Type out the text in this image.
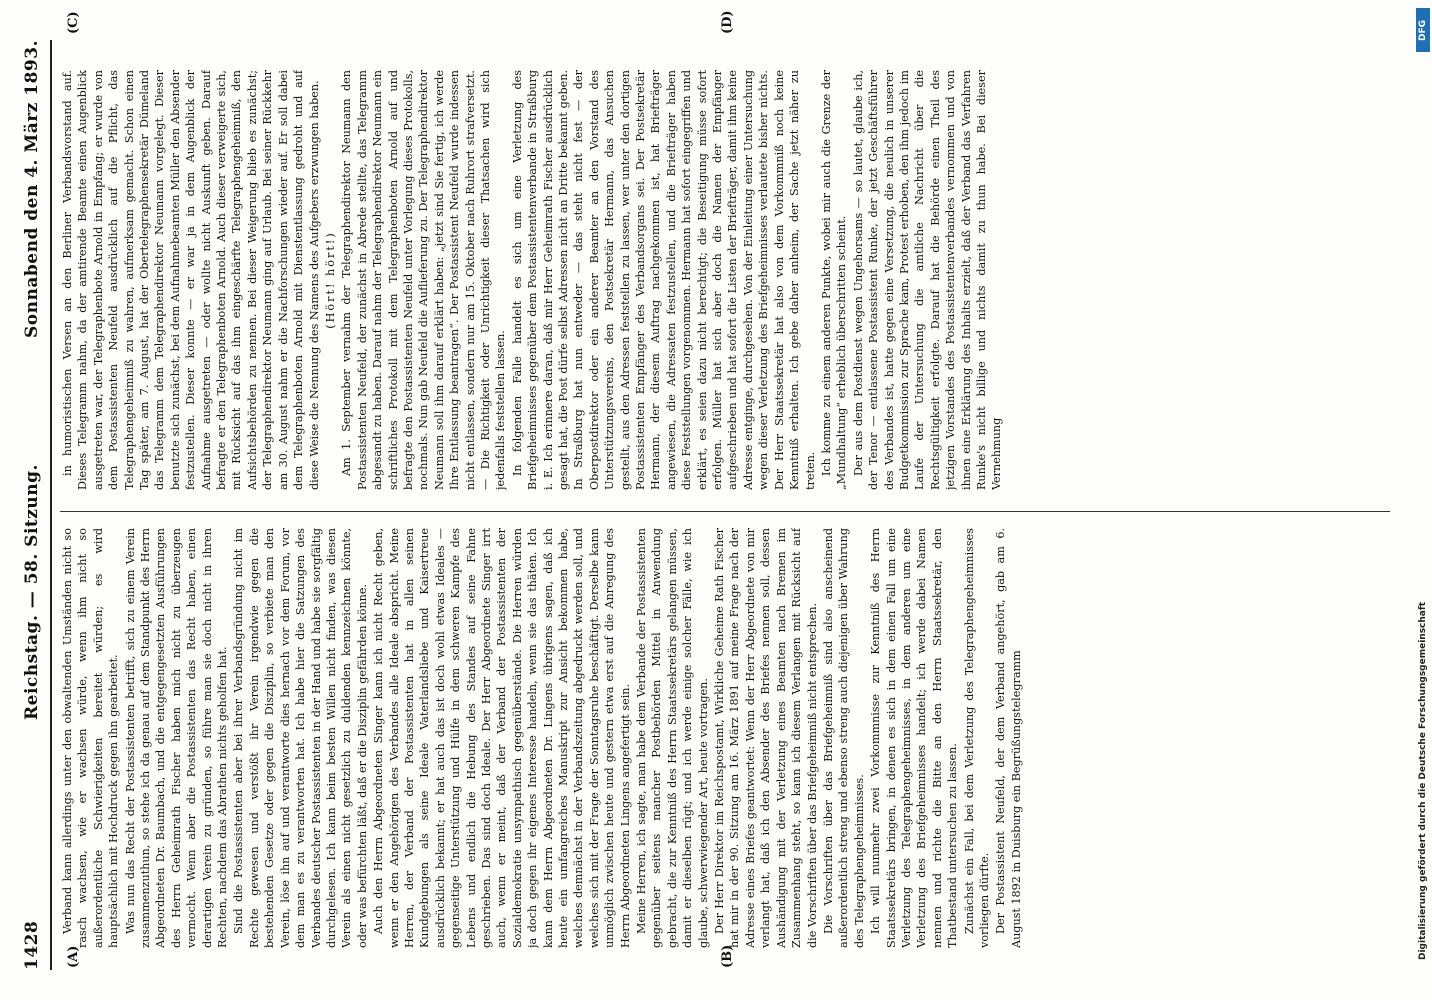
1428
Reichstag. — 58. Sitzung.
Sonnabend den 4. März 1893.
(A)	(B)
(C)	(D)

Verband kann allerdings unter den obwaltenden Umständen nicht so rasch wachsen, wie er wachsen würde, wenn ihm nicht so außerordentliche Schwierigkeiten bereitet würden; es wird hauptsächlich mit Hochdruck gegen ihn gearbeitet. Was nun das Recht der Postassistenten betrifft, sich zu einem Verein zusammenzuthun, so stehe ich da genau auf dem Standpunkt des Herrn Abgeordneten Dr. Baumbach, und die entgegengesetzten Ausführungen des Herrn Geheimrath Fischer haben mich nicht zu überzeugen vermocht. Wenn aber die Postassistenten das Recht haben, einen derartigen Verein zu gründen, so führe man sie doch nicht in ihren Rechten, nachdem das Abrathen nichts geholfen hat. Sind die Postassistenten aber bei ihrer Verbandsgründung nicht im Rechte gewesen und verstößt ihr Verein irgendwie gegen die bestehenden Gesetze oder gegen die Disziplin, so verbiete man den Verein, löse ihn auf und verantworte dies hernach vor dem Forum, vor dem man es zu verantworten hat. Ich habe hier die Satzungen des Verbandes deutscher Postassistenten in der Hand und habe sie sorgfältig durchgelesen. Ich kann beim besten Willen nicht finden, was diesen Verein als einen nicht gesetzlich zu duldenden kennzeichnen könnte, oder was befürchten läßt, daß er die Disziplin gefährden könne. Auch den Herrn Abgeordneten Singer kann ich nicht Recht geben, wenn er den Angehörigen des Verbandes alle Ideale abspricht. Meine Herren, der Verband der Postassistenten hat in allen seinen Kundgebungen als seine Ideale Vaterlandsliebe und Kaisertreue ausdrücklich bekannt; er hat auch das ist doch wohl etwas Ideales — gegenseitige Unterstützung und Hülfe in dem schweren Kampfe des Lebens und endlich die Hebung des Standes auf seine Fahne geschrieben. Das sind doch Ideale. Der Herr Abgeordnete Singer irrt auch, wenn er meint, daß der Verband der Postassistenten der Sozialdemokratie unsympathisch gegenüberstände. Die Herren würden ja doch gegen ihr eigenes Interesse handeln, wenn sie das thäten. Ich kann dem Herrn Abgeordneten Dr. Lingens übrigens sagen, daß ich heute ein umfangreiches Manuskript zur Ansicht bekommen habe, welches demnächst in der Verbandszeitung abgedruckt werden soll, und welches sich mit der Frage der Sonntagsruhe beschäftigt. Derselbe kann unmöglich zwischen heute und gestern etwa erst auf die Anregung des Herrn Abgeordneten Lingens angefertigt sein. Meine Herren, ich sagte, man habe dem Verbande der Postassistenten gegenüber seitens mancher Postbehörden Mittel in Anwendung gebracht, die zur Kenntniß des Herrn Staatssekretärs gelangen müssen, damit er dieselben rügt; und ich werde einige solcher Fälle, wie ich glaube, schwerwiegender Art, heute vortragen. Der Herr Direktor im Reichspostamt, Wirkliche Geheime Rath Fischer hat mir in der 90. Sitzung am 16. März 1891 auf meine Frage nach der Adresse eines Briefes geantwortet: Wenn der Herr Abgeordnete von mir verlangt hat, daß ich den Absender des Briefes nennen soll, dessen Aushändigung mit der Verletzung eines Beamten nach Bremen im Zusammenhang steht, so kann ich diesem Verlangen mit Rücksicht auf die Vorschriften über das Briefgeheimniß nicht entsprechen. Die Vorschriften über das Briefgeheimniß sind also anscheinend außerordentlich streng und ebenso streng auch diejenigen über Wahrung des Telegraphengeheimnisses. Ich will nunmehr zwei Vorkommnisse zur Kenntniß des Herrn Staatssekretärs bringen, in denen es sich in dem einen Fall um eine Verletzung des Telegraphengeheimnisses, in dem anderen um eine Verletzung des Briefgeheimnisses handelt; ich werde dabei Namen nennen und richte die Bitte an den Herrn Staatssekretär, den Thatbestand untersuchen zu lassen. Zunächst ein Fall, bei dem Verletzung des Telegraphengeheimnisses vorliegen dürfte. Der Postassistent Neufeld, der dem Verband angehört, gab am 6. August 1892 in Duisburg ein Begrüßungstelegramm

in humoristischen Versen an den Berliner Verbandsvorstand auf. Dieses Telegramm nahm, da der amtirende Beamte einen Augenblick ausgetreten war, der Telegraphenbote Arnold in Empfang; er wurde von dem Postassistenten Neufeld ausdrücklich auf die Pflicht, das Telegraphengeheimniß zu wahren, aufmerksam gemacht. Schon einen Tag später, am 7. August, hat der Obertelegraphensekretär Dümeland das Telegramm dem Telegraphendirektor Neumann vorgelegt. Dieser benutzte sich zunächst, bei dem Aufnahmebeamten Müller den Absender festzustellen. Dieser konnte — er war ja in dem Augenblick der Aufnahme ausgetreten — oder wollte nicht Auskunft geben. Darauf befragte er den Telegraphenboten Arnold. Auch dieser verweigerte sich, mit Rücksicht auf das ihm eingeschärfte Telegraphengeheimniß, den Aufsichtsbehörden zu nennen. Bei dieser Weigerung blieb es zunächst; der Telegraphendirektor Neumann ging auf Urlaub. Bei seiner Rückkehr am 30. August nahm er die Nachforschungen wieder auf. Er soll dabei dem Telegraphenboten Arnold mit Dienstentlassung gedroht und auf diese Weise die Nennung des Namens des Aufgebers erzwungen haben. (Hört! hört!) Am 1. September vernahm der Telegraphendirektor Neumann den Postassistenten Neufeld, der zunächst in Abrede stellte, das Telegramm abgesandt zu haben. Darauf nahm der Telegraphendirektor Neumann ein schriftliches Protokoll mit dem Telegraphenboten Arnold auf und befragte den Postassistenten Neufeld unter Vorlegung dieses Protokolls, nochmals. Nun gab Neufeld die Auflieferung zu. Der Telegraphendirektor Neumann soll ihm darauf erklärt haben: „jetzt sind Sie fertig, ich werde Ihre Entlassung beantragen“. Der Postassistent Neufeld wurde indessen nicht entlassen, sondern nur am 15. Oktober nach Ruhrort strafversetzt. — Die Richtigkeit oder Unrichtigkeit dieser Thatsachen wird sich jedenfalls feststellen lassen. In folgenden Falle handelt es sich um eine Verletzung des Briefgeheimnisses gegenüber dem Postassistentenverbande in Straßburg i. E. Ich erinnere daran, daß mir Herr Geheimrath Fischer ausdrücklich gesagt hat, die Post dürfe selbst Adressen nicht an Dritte bekannt geben. In Straßburg hat nun entweder — das steht nicht fest — der Oberpostdirektor oder ein anderer Beamter an den Vorstand des Unterstützungsvereins, den Postsekretär Hermann, das Ansuchen gestellt, aus den Adressen feststellen zu lassen, wer unter den dortigen Postassistenten Empfänger des Verbandsorgans sei. Der Postsekretär Hermann, der diesem Auftrag nachgekommen ist, hat Briefträger angewiesen, die Adressaten festzustellen, und die Briefträger haben diese Feststellungen vorgenommen. Hermann hat sofort eingegriffen und erklärt, es seien dazu nicht berechtigt; die Beseitigung müsse sofort erfolgen. Müller hat sich aber doch die Namen der Empfänger aufgeschrieben und hat sofort die Listen der Briefträger, damit ihm keine Adresse entginge, durchgesehen. Von der Einleitung einer Untersuchung wegen dieser Verletzung des Briefgeheimnisses verlautete bisher nichts. Der Herr Staatssekretär hat also von dem Vorkommniß noch keine Kenntniß erhalten. Ich gebe daher anheim, der Sache jetzt näher zu treten. Ich komme zu einem anderen Punkte, wobei mir auch die Grenze der „Mundhaltung“ erheblich überschritten scheint. Der aus dem Postdienst wegen Ungehorsams — so lautet, glaube ich, der Tenor — entlassene Postassistent Runke, der jetzt Geschäftsführer des Verbandes ist, hatte gegen eine Versetzung, die neulich in unserer Budgetkommission zur Sprache kam, Protest erhoben, den ihm jedoch im Laufe der Untersuchung die amtliche Nachricht über die Rechtsgültigkeit erfolgte. Darauf hat die Behörde einen Theil des jetzigen Vorstandes des Postassistentenverbandes vernommen und von ihnen eine Erklärung des Inhalts erzielt, daß der Verband das Verfahren Runke's nicht billige und nichts damit zu thun habe. Bei dieser Vernehmung

DFG
Digitalisierung gefördert durch die Deutsche Forschungsgemeinschaft
